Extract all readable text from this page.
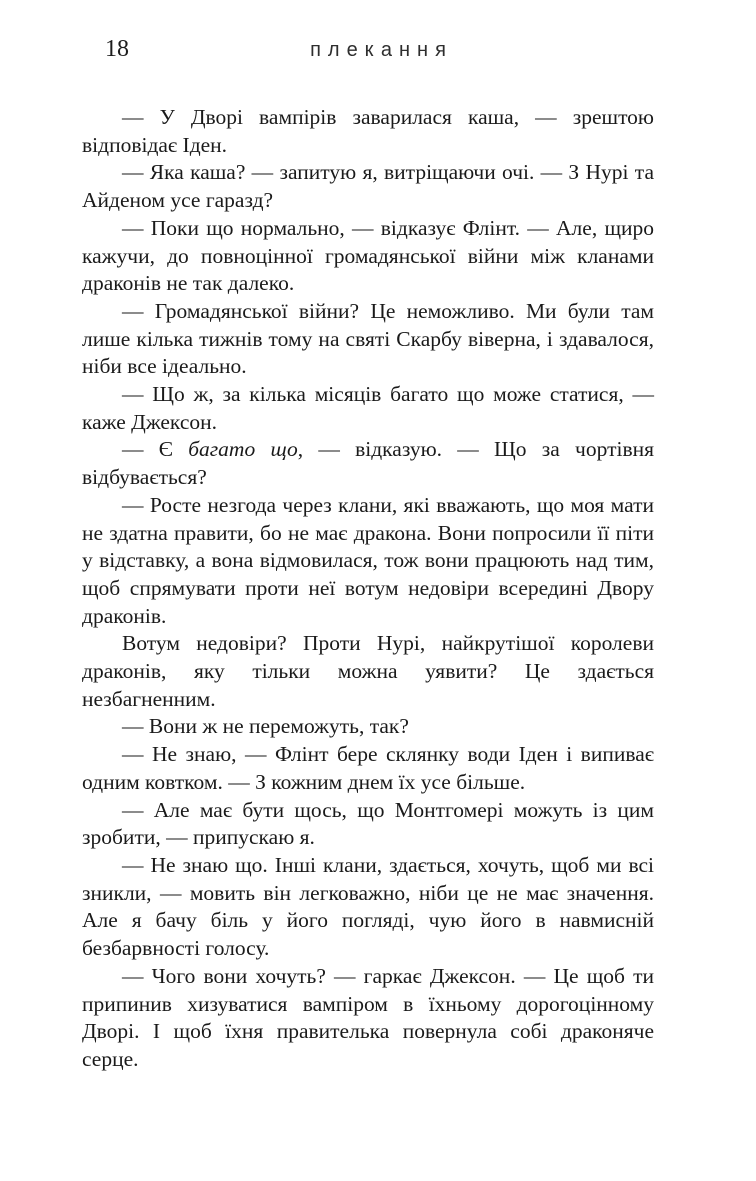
18	плекання

— У Дворі вампірів заварилася каша, — зрештою відповідає Іден.

— Яка каша? — запитую я, витріщаючи очі. — З Нурі та Айденом усе гаразд?

— Поки що нормально, — відказує Флінт. — Але, щиро кажучи, до повноцінної громадянської війни між кланами драконів не так далеко.

— Громадянської війни? Це неможливо. Ми були там лише кілька тижнів тому на святі Скарбу віверна, і здавалося, ніби все ідеально.

— Що ж, за кілька місяців багато що може статися, — каже Джексон.

— Є багато що, — відказую. — Що за чортівня відбувається?

— Росте незгода через клани, які вважають, що моя мати не здатна правити, бо не має дракона. Вони попросили її піти у відставку, а вона відмовилася, тож вони працюють над тим, щоб спрямувати проти неї вотум недовіри всередині Двору драконів.

Вотум недовіри? Проти Нурі, найкрутішої королеви драконів, яку тільки можна уявити? Це здається незбагненним.

— Вони ж не переможуть, так?

— Не знаю, — Флінт бере склянку води Іден і випиває одним ковтком. — З кожним днем їх усе більше.

— Але має бути щось, що Монтгомері можуть із цим зробити, — припускаю я.

— Не знаю що. Інші клани, здається, хочуть, щоб ми всі зникли, — мовить він легковажно, ніби це не має значення. Але я бачу біль у його погляді, чую його в навмисній безбарвності голосу.

— Чого вони хочуть? — гаркає Джексон. — Це щоб ти припинив хизуватися вампіром в їхньому дорогоцінному Дворі. І щоб їхня правителька повернула собі драконяче серце.
